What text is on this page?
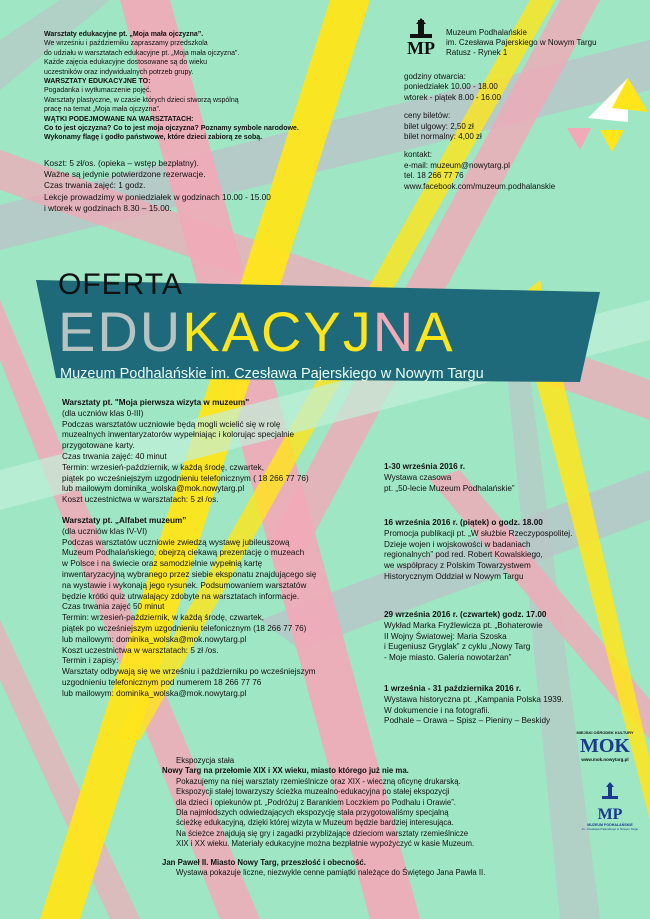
Warsztaty edukacyjne pt. „Moja mała ojczyzna”.

We wrześniu i październiku zapraszamy przedszkola

do udziału w warsztatach edukacyjne pt. „Moja mała ojczyzna”.

Każde zajęcia edukacyjne dostosowane są do wieku

uczestników oraz indywidualnych potrzeb grupy.

WARSZTATY EDUKACYJNE TO:

Pogadanka i wytłumaczenie pojęć.

Warsztaty plastyczne, w czasie których dzieci stworzą wspólną

pracę na temat „Moja mała ojczyzna”.

WĄTKI PODEJMOWANE NA WARSZTATACH:

Co to jest ojczyzna? Co to jest moja ojczyzna? Poznamy symbole narodowe.

Wykonamy flagę i godło państwowe, które dzieci zabiorą ze sobą.

Koszt: 5 zł/os. (opieka – wstęp bezpłatny).

Ważne są jedynie potwierdzone rezerwacje.

Czas trwania zajęć: 1 godz.

Lekcje prowadzimy w poniedziałek w godzinach 10.00 - 15.00

i wtorek w godzinach 8.30 – 15.00.

MP

Muzeum Podhalańskie

im. Czesława Pajerskiego w Nowym Targu

Ratusz - Rynek 1

godziny otwarcia:

poniedziałek 10.00 - 18.00

wtorek - piątek 8.00 - 16.00

ceny biletów:

bilet ulgowy: 2,50 zł

bilet normalny: 4,00 zł

kontakt:

e-mail: muzeum@nowytarg.pl

tel. 18 266 77 76

www.facebook.com/muzeum.podhalanskie

OFERTA
EDUKACYJNA
Muzeum Podhalańskie im. Czesława Pajerskiego w Nowym Targu

Warsztaty pt. "Moja pierwsza wizyta w muzeum"

(dla uczniów klas 0-III)

Podczas warsztatów uczniowie będą mogli wcielić się w rolę

muzealnych inwentaryzatorów wypełniając i kolorując specjalnie

przygotowane karty.

Czas trwania zajęć: 40 minut

Termin: wrzesień-październik, w każdą środę, czwartek,

piątek po wcześniejszym uzgodnieniu telefonicznym ( 18 266 77 76)

lub mailowym dominika_wolska@mok.nowytarg.pl

Koszt uczestnictwa w warsztatach: 5 zł /os.

Warsztaty pt. „Alfabet muzeum”

(dla uczniów klas IV-VI)

Podczas warsztatów uczniowie zwiedzą wystawę jubileuszową

Muzeum Podhalańskiego, obejrzą ciekawą prezentację o muzeach

w Polsce i na świecie oraz samodzielnie wypełnią kartę

inwentaryzacyjną wybranego przez siebie eksponatu znajdującego się

na wystawie i wykonają jego rysunek. Podsumowaniem warsztatów

będzie krótki quiz utrwalający zdobyte na warsztatach informacje.

Czas trwania zajęć 50 minut

Termin: wrzesień-październik, w każdą środę, czwartek,

piątek po wcześniejszym uzgodnieniu telefonicznym (18 266 77 76)

lub mailowym: dominika_wolska@mok.nowytarg.pl

Koszt uczestnictwa w warsztatach: 5 zł /os.

Termin i zapisy:

Warsztaty odbywają się we wrześniu i październiku po wcześniejszym

uzgodnieniu telefonicznym pod numerem 18 266 77 76

lub mailowym: dominika_wolska@mok.nowytarg.pl

1-30 września 2016 r.

Wystawa czasowa

pt. „50-lecie Muzeum Podhalańskie”

16 września 2016 r. (piątek) o godz. 18.00

Promocja publikacji pt. „W służbie Rzeczypospolitej.

Dzieje wojen i wojskowości w badaniach

regionalnych” pod red. Robert Kowalskiego,

we współpracy z Polskim Towarzystwem

Historycznym Oddział w Nowym Targu

29 września 2016 r. (czwartek) godz. 17.00

Wykład Marka Fryźlewicza pt. „Bohaterowie

II Wojny Światowej: Maria Szoska

i Eugeniusz Gryglak” z cyklu „Nowy Targ

- Moje miasto. Galeria nowotarżan”

1 września - 31 października 2016 r.

Wystawa historyczna pt. „Kampania Polska 1939.

W dokumencie i na fotografii.

Podhale – Orawa – Spisz – Pieniny – Beskidy

Ekspozycja stała

Nowy Targ na przełomie XIX i XX wieku, miasto którego już nie ma.

Pokazujemy na niej warsztaty rzemieślnicze oraz XIX - wieczną oficynę drukarską.

Ekspozycji stałej towarzyszy ścieżka muzealno-edukacyjna po stałej ekspozycji

dla dzieci i opiekunów pt. „Podróżuj z Barankiem Loczkiem po Podhalu i Orawie”.

Dla najmłodszych odwiedzających ekspozycję stała przygotowaliśmy specjalną

ścieżkę edukacyjną, dzięki której wizyta w Muzeum będzie bardziej interesująca.

Na ścieżce znajdują się gry i zagadki przybliżające dzieciom warsztaty rzemieślnicze

XIX i XX wieku. Materiały edukacyjne można bezpłatnie wypożyczyć w kasie Muzeum.

Jan Paweł II. Miasto Nowy Targ, przeszłość i obecność.

Wystawa pokazuje liczne, niezwykle cenne pamiątki należące do Świętego Jana Pawła II.

MIEJSKI OŚRODEK KULTURY
MOK
www.mok.nowytarg.pl
MP
MUZEUM PODHALAŃSKIE
im. Czesława Pajerskiego w Nowym Targu
